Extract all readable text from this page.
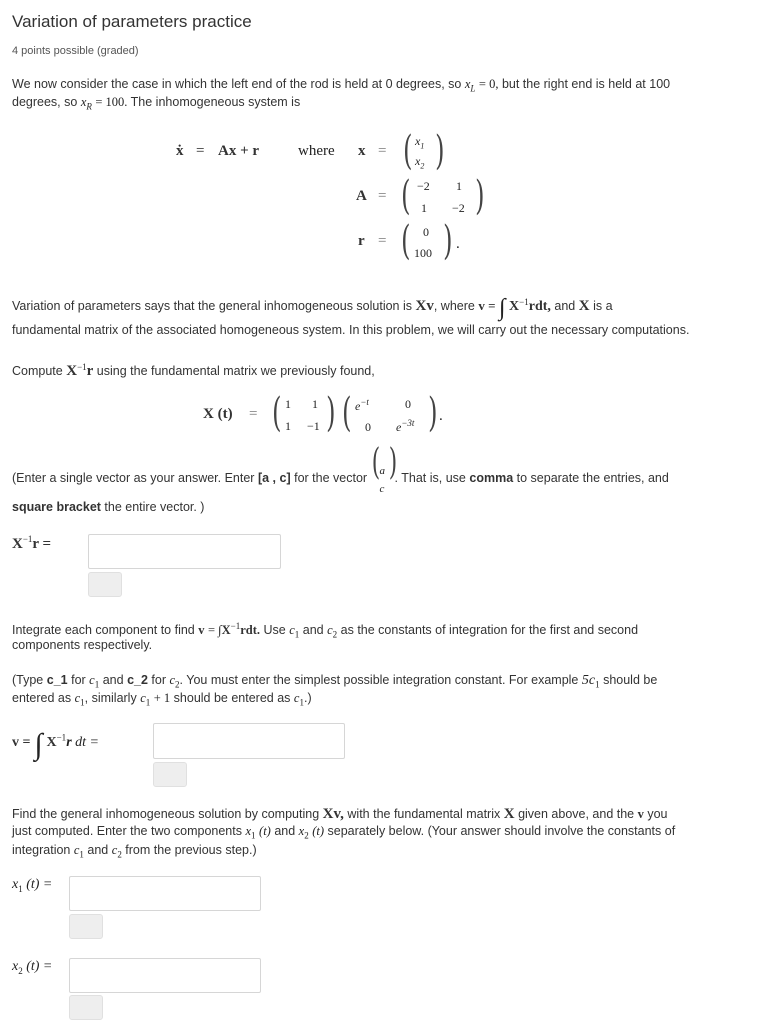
Variation of parameters practice
4 points possible (graded)
We now consider the case in which the left end of the rod is held at 0 degrees, so $x_L = 0$, but the right end is held at 100
degrees, so $x_R = 100$. The inhomogeneous system is
ẋ = Ax + r	where x = ( $x_1$
$x_2$ )
A = ( −2 1
1 −2 )
r = ( 0
100 ) .
Variation of parameters says that the general inhomogeneous solution is Xv, where v = ∫ $X^{-1}rdt$, and X is a
fundamental matrix of the associated homogeneous system. In this problem, we will carry out the necessary computations.
Compute $X^{-1}r$ using the fundamental matrix we previously found,
X (t) = ( 1 1
1 −1 ) ( $e^{-t}$	0
0 $e^{-3t}$ ) .
(Enter a single vector as your answer. Enter [a , c] for the vector ( a
c
)
. That is, use comma to separate the entries, and
square bracket the entire vector. )
$X^{-1}r$ =
Integrate each component to find $v = \int X^{-1}rdt$. Use $c_1$ and $c_2$ as the constants of integration for the first and second
components respectively.
(Type c_1 for $c_1$ and c_2 for $c_2$. You must enter the simplest possible integration constant. For example $5c_1$ should be
entered as $c_1$, similarly $c_1 + 1$ should be entered as $c_1$.)
v = ∫ $X^{-1}r$ dt =
Find the general inhomogeneous solution by computing Xv, with the fundamental matrix X given above, and the v you
just computed. Enter the two components $x_1$ (t) and $x_2$ (t) separately below. (Your answer should involve the constants of
integration $c_1$ and $c_2$ from the previous step.)
$x_1$ (t) =
$x_2$ (t) =
